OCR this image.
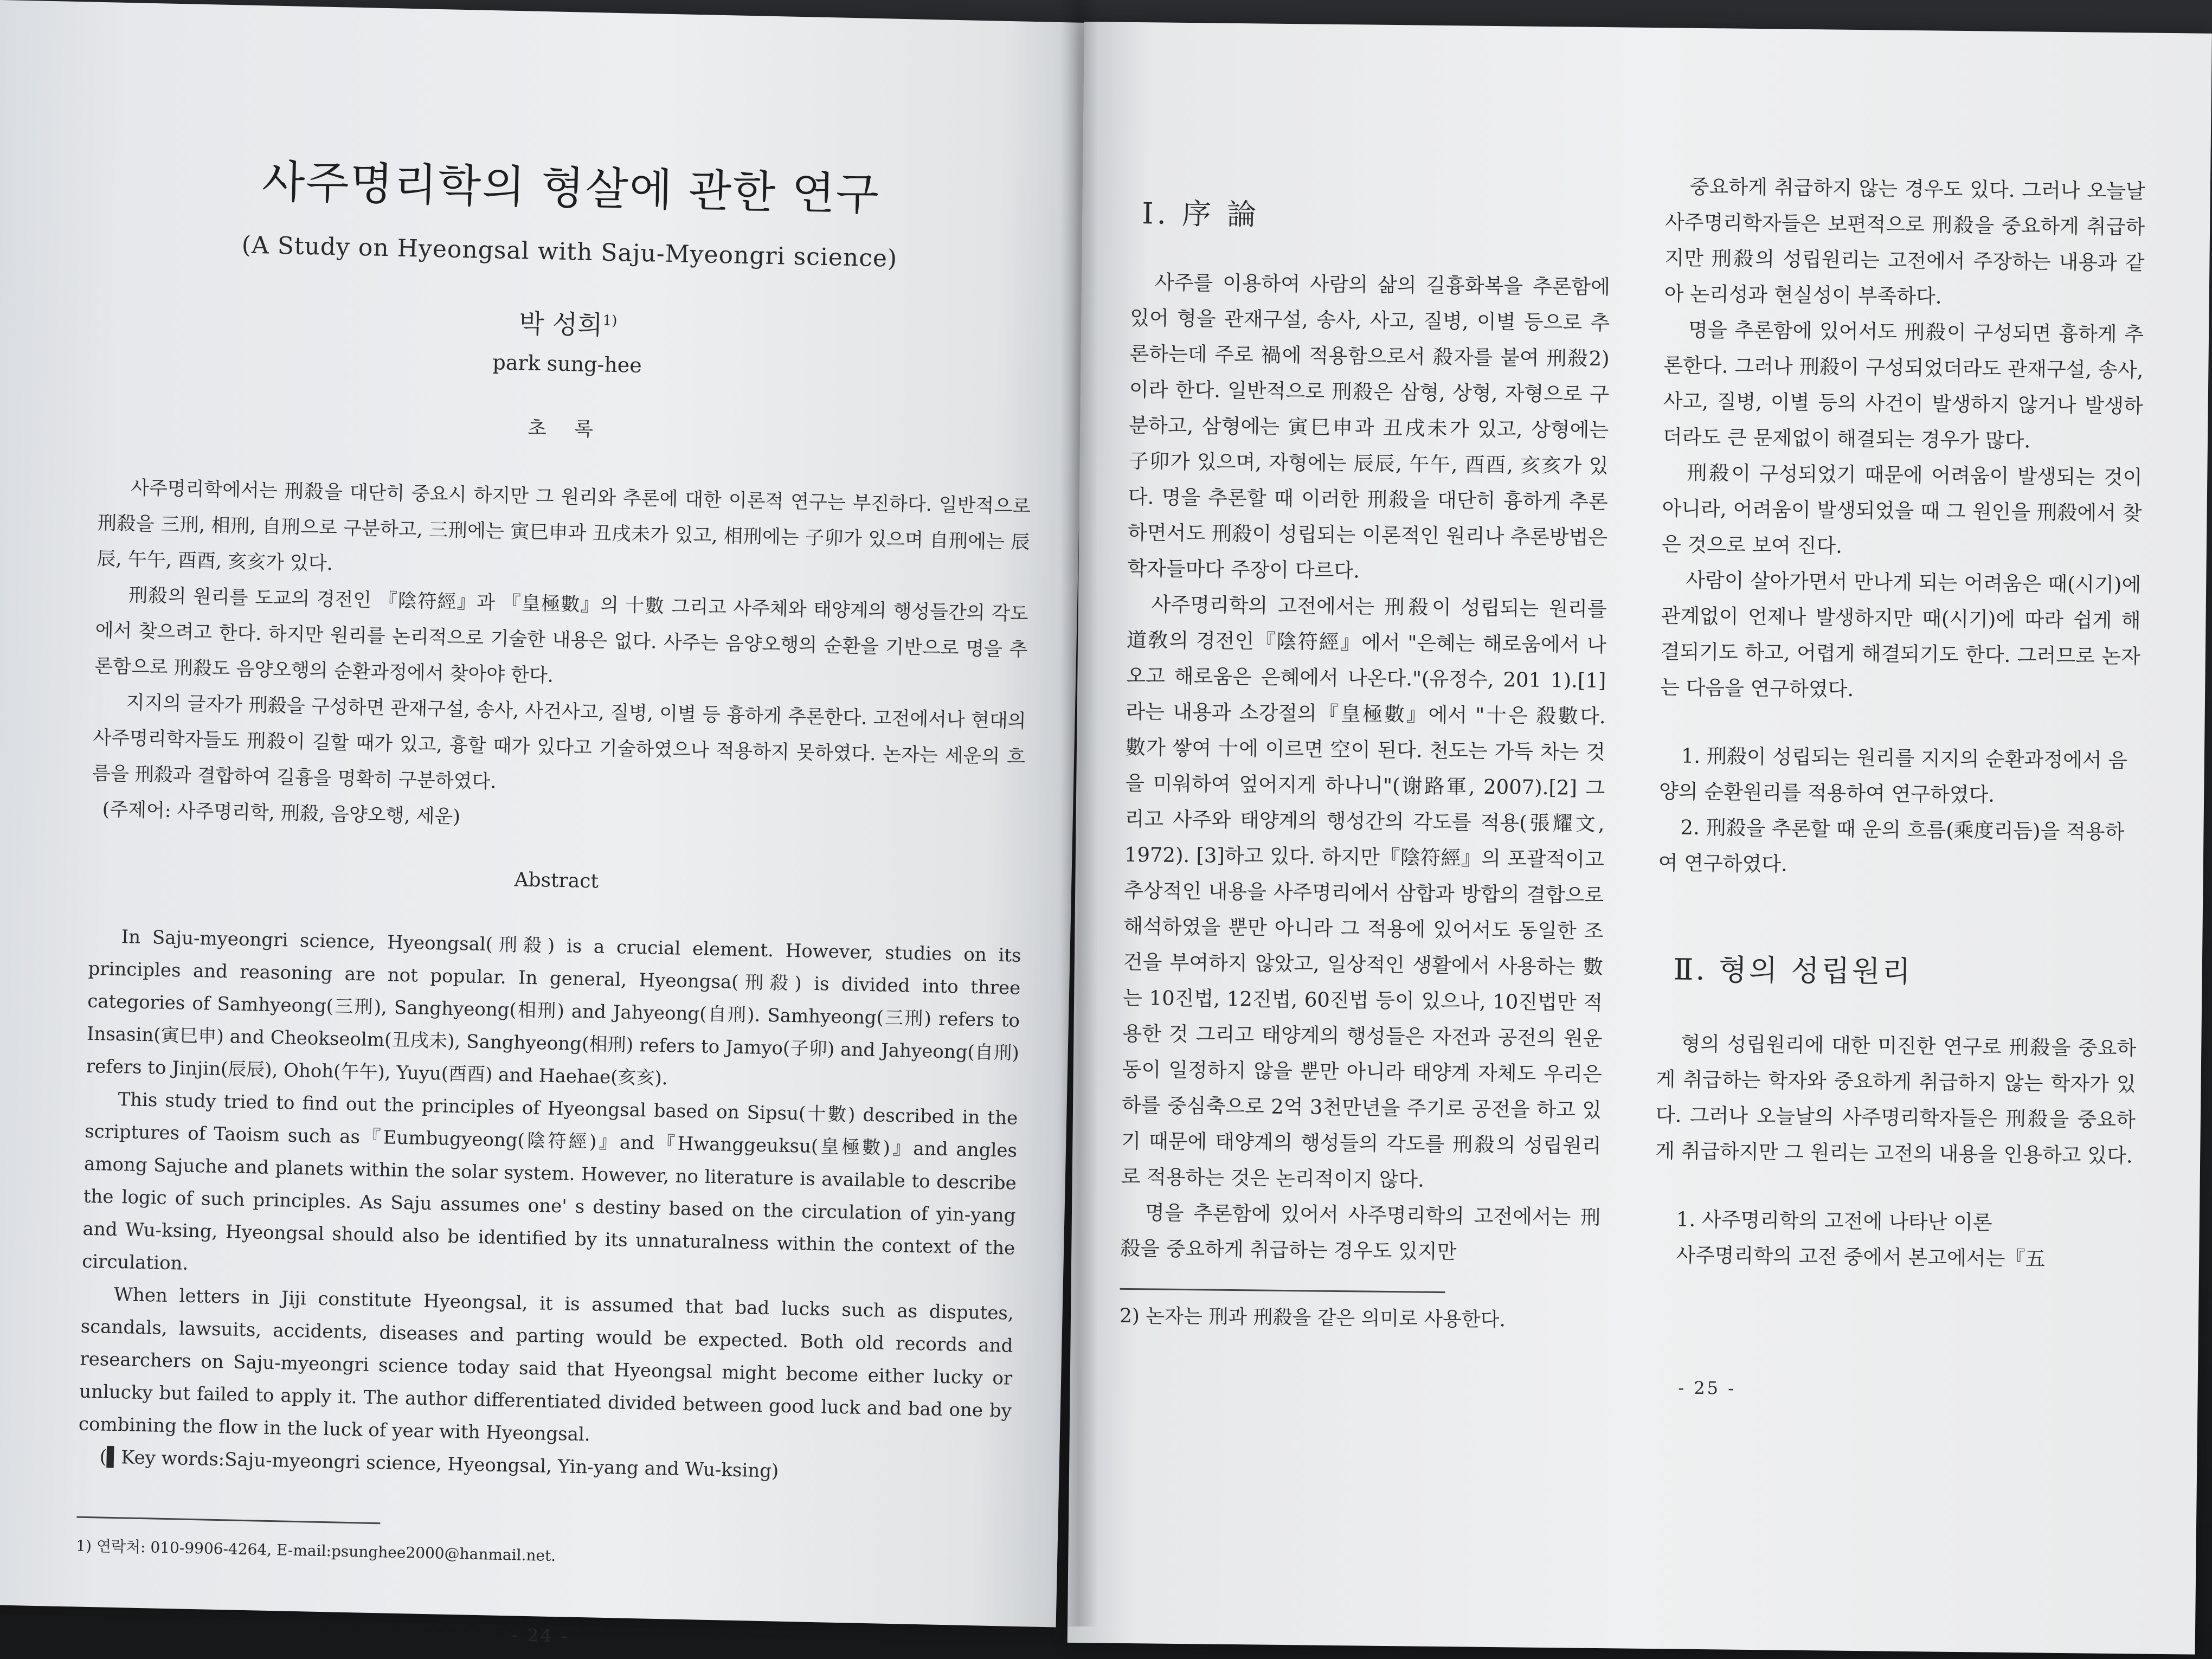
사주명리학의 형살에 관한 연구
(A Study on Hyeongsal with Saju-Myeongri science)
박 성희$^{1)}$
park sung-hee
초 록

사주명리학에서는 刑殺을 대단히 중요시 하지만 그 원리와 추론에 대한 이론적 연구는 부진하다. 일반적으로 刑殺을 三刑, 相刑, 自刑으로 구분하고, 三刑에는 寅巳申과 丑戌未가 있고, 相刑에는 子卯가 있으며 自刑에는 辰辰, 午午, 酉酉, 亥亥가 있다.

刑殺의 원리를 도교의 경전인 『陰符經』과 『皇極數』의 十數 그리고 사주체와 태양계의 행성들간의 각도에서 찾으려고 한다. 하지만 원리를 논리적으로 기술한 내용은 없다. 사주는 음양오행의 순환을 기반으로 명을 추론함으로 刑殺도 음양오행의 순환과정에서 찾아야 한다.

지지의 글자가 刑殺을 구성하면 관재구설, 송사, 사건사고, 질병, 이별 등 흉하게 추론한다. 고전에서나 현대의 사주명리학자들도 刑殺이 길할 때가 있고, 흉할 때가 있다고 기술하였으나 적용하지 못하였다. 논자는 세운의 흐름을 刑殺과 결합하여 길흉을 명확히 구분하였다.

(주제어: 사주명리학, 刑殺, 음양오행, 세운)
Abstract

In Saju-myeongri science, Hyeongsal(刑殺) is a crucial element. However, studies on its principles and reasoning are not popular. In general, Hyeongsa(刑殺) is divided into three categories of Samhyeong(三刑), Sanghyeong(相刑) and Jahyeong(自刑). Samhyeong(三刑) refers to Insasin(寅巳申) and Cheokseolm(丑戌未), Sanghyeong(相刑) refers to Jamyo(子卯) and Jahyeong(自刑) refers to Jinjin(辰辰), Ohoh(午午), Yuyu(酉酉) and Haehae(亥亥).

This study tried to find out the principles of Hyeongsal based on Sipsu(十數) described in the scriptures of Taoism such as『Eumbugyeong(陰符經)』and『Hwanggeuksu(皇極數)』and angles among Sajuche and planets within the solar system. However, no literature is available to describe the logic of such principles. As Saju assumes one' s destiny based on the circulation of yin-yang and Wu-ksing, Hyeongsal should also be identified by its unnaturalness within the context of the circulation.

When letters in Jiji constitute Hyeongsal, it is assumed that bad lucks such as disputes, scandals, lawsuits, accidents, diseases and parting would be expected. Both old records and researchers on Saju-myeongri science today said that Hyeongsal might become either lucky or unlucky but failed to apply it. The author differentiated divided between good luck and bad one by combining the flow in the luck of year with Hyeongsal.

(▌Key words:Saju-myeongri science, Hyeongsal, Yin-yang and Wu-ksing)
1) 연락처: 010-9906-4264, E-mail:psunghee2000@hanmail.net.
- 24 -
Ⅰ. 序 論

사주를 이용하여 사람의 삶의 길흉화복을 추론함에 있어 형을 관재구설, 송사, 사고, 질병, 이별 등으로 추론하는데 주로 禍에 적용함으로서 殺자를 붙여 刑殺2)이라 한다. 일반적으로 刑殺은 삼형, 상형, 자형으로 구분하고, 삼형에는 寅巳申과 丑戌未가 있고, 상형에는 子卯가 있으며, 자형에는 辰辰, 午午, 酉酉, 亥亥가 있다. 명을 추론할 때 이러한 刑殺을 대단히 흉하게 추론하면서도 刑殺이 성립되는 이론적인 원리나 추론방법은 학자들마다 주장이 다르다.

사주명리학의 고전에서는 刑殺이 성립되는 원리를 道敎의 경전인『陰符經』에서 "은혜는 해로움에서 나오고 해로움은 은혜에서 나온다."(유정수, 201 1).[1]라는 내용과 소강절의『皇極數』에서 "十은 殺數다. 數가 쌓여 十에 이르면 空이 된다. 천도는 가득 차는 것을 미워하여 엎어지게 하나니"(谢路軍, 2007).[2] 그리고 사주와 태양계의 행성간의 각도를 적용(張耀文, 1972). [3]하고 있다. 하지만『陰符經』의 포괄적이고 추상적인 내용을 사주명리에서 삼합과 방합의 결합으로 해석하였을 뿐만 아니라 그 적용에 있어서도 동일한 조건을 부여하지 않았고, 일상적인 생활에서 사용하는 數는 10진법, 12진법, 60진법 등이 있으나, 10진법만 적용한 것 그리고 태양계의 행성들은 자전과 공전의 원운동이 일정하지 않을 뿐만 아니라 태양계 자체도 우리은하를 중심축으로 2억 3천만년을 주기로 공전을 하고 있기 때문에 태양계의 행성들의 각도를 刑殺의 성립원리로 적용하는 것은 논리적이지 않다.

명을 추론함에 있어서 사주명리학의 고전에서는 刑殺을 중요하게 취급하는 경우도 있지만

2) 논자는 刑과 刑殺을 같은 의미로 사용한다.

중요하게 취급하지 않는 경우도 있다. 그러나 오늘날 사주명리학자들은 보편적으로 刑殺을 중요하게 취급하지만 刑殺의 성립원리는 고전에서 주장하는 내용과 같아 논리성과 현실성이 부족하다.

명을 추론함에 있어서도 刑殺이 구성되면 흉하게 추론한다. 그러나 刑殺이 구성되었더라도 관재구설, 송사, 사고, 질병, 이별 등의 사건이 발생하지 않거나 발생하더라도 큰 문제없이 해결되는 경우가 많다.

刑殺이 구성되었기 때문에 어려움이 발생되는 것이 아니라, 어려움이 발생되었을 때 그 원인을 刑殺에서 찾은 것으로 보여 진다.

사람이 살아가면서 만나게 되는 어려움은 때(시기)에 관계없이 언제나 발생하지만 때(시기)에 따라 쉽게 해결되기도 하고, 어렵게 해결되기도 한다. 그러므로 논자는 다음을 연구하였다.

1. 刑殺이 성립되는 원리를 지지의 순환과정에서 음양의 순환원리를 적용하여 연구하였다.
2. 刑殺을 추론할 때 운의 흐름(乘度리듬)을 적용하여 연구하였다.
Ⅱ. 형의 성립원리

형의 성립원리에 대한 미진한 연구로 刑殺을 중요하게 취급하는 학자와 중요하게 취급하지 않는 학자가 있다. 그러나 오늘날의 사주명리학자들은 刑殺을 중요하게 취급하지만 그 원리는 고전의 내용을 인용하고 있다.

1. 사주명리학의 고전에 나타난 이론
사주명리학의 고전 중에서 본고에서는『五
- 25 -
